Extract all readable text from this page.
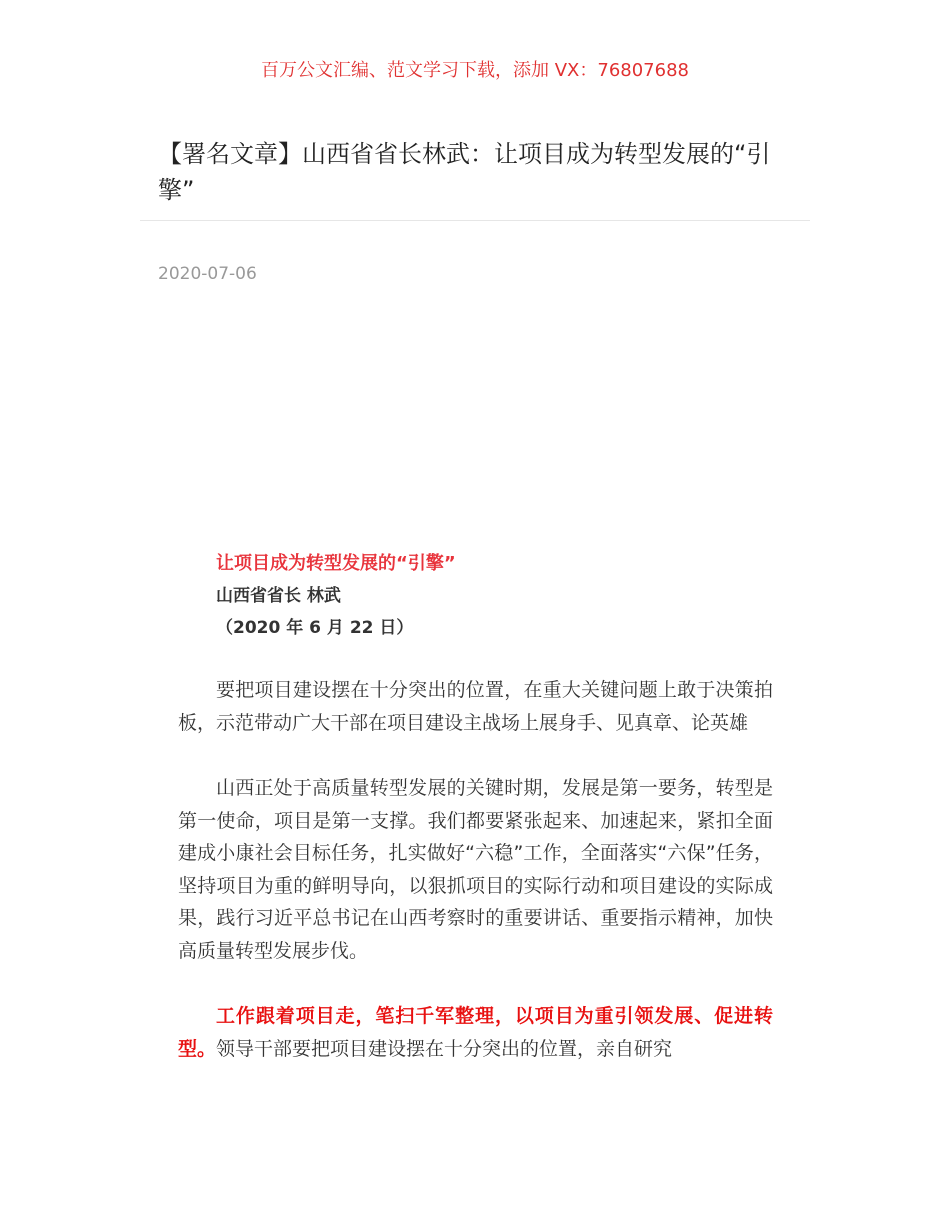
百万公文汇编、范文学习下载，添加 VX：76807688
【署名文章】山西省省长林武：让项目成为转型发展的“引擎”
2020-07-06
让项目成为转型发展的“引擎”
山西省省长 林武
（2020 年 6 月 22 日）

要把项目建设摆在十分突出的位置，在重大关键问题上敢于决策拍板，示范带动广大干部在项目建设主战场上展身手、见真章、论英雄

山西正处于高质量转型发展的关键时期，发展是第一要务，转型是第一使命，项目是第一支撑。我们都要紧张起来、加速起来，紧扣全面建成小康社会目标任务，扎实做好“六稳”工作，全面落实“六保”任务，坚持项目为重的鲜明导向，以狠抓项目的实际行动和项目建设的实际成果，践行习近平总书记在山西考察时的重要讲话、重要指示精神，加快高质量转型发展步伐。

工作跟着项目走，笔扫千军整理，以项目为重引领发展、促进转型。领导干部要把项目建设摆在十分突出的位置，亲自研究
